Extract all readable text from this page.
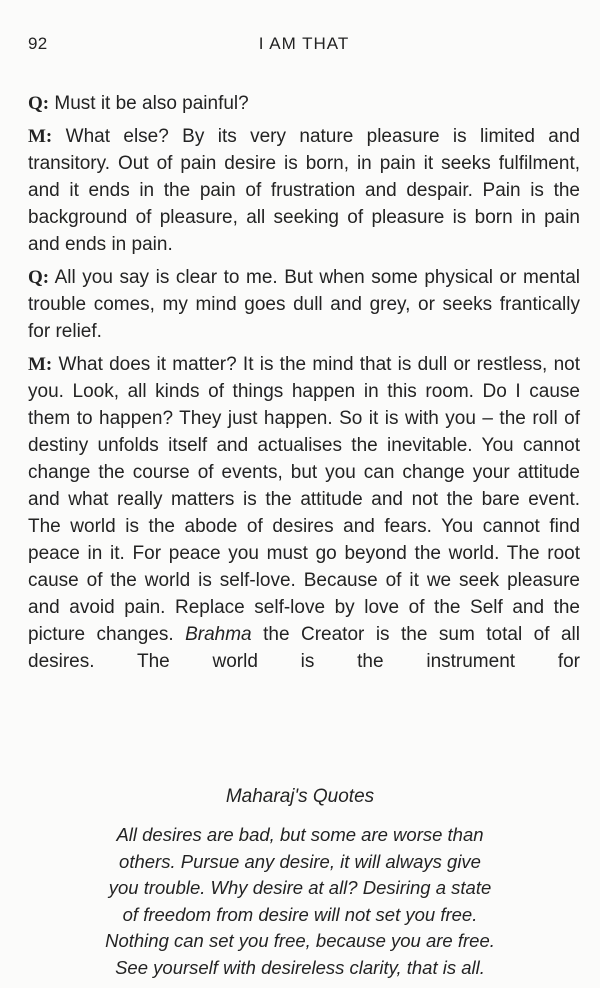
92	I AM THAT

Q: Must it be also painful?

M: What else? By its very nature pleasure is limited and transitory. Out of pain desire is born, in pain it seeks fulfilment, and it ends in the pain of frustration and despair. Pain is the background of pleasure, all seeking of pleasure is born in pain and ends in pain.

Q: All you say is clear to me. But when some physical or mental trouble comes, my mind goes dull and grey, or seeks frantically for relief.

M: What does it matter? It is the mind that is dull or restless, not you. Look, all kinds of things happen in this room. Do I cause them to happen? They just happen. So it is with you – the roll of destiny unfolds itself and actualises the inevitable. You cannot change the course of events, but you can change your attitude and what really matters is the attitude and not the bare event. The world is the abode of desires and fears. You cannot find peace in it. For peace you must go beyond the world. The root cause of the world is self-love. Because of it we seek pleasure and avoid pain. Replace self-love by love of the Self and the picture changes. Brahma the Creator is the sum total of all desires. The world is the instrument for

Maharaj's Quotes
All desires are bad, but some are worse than
others. Pursue any desire, it will always give
you trouble. Why desire at all? Desiring a state
of freedom from desire will not set you free.
Nothing can set you free, because you are free.
See yourself with desireless clarity, that is all.
